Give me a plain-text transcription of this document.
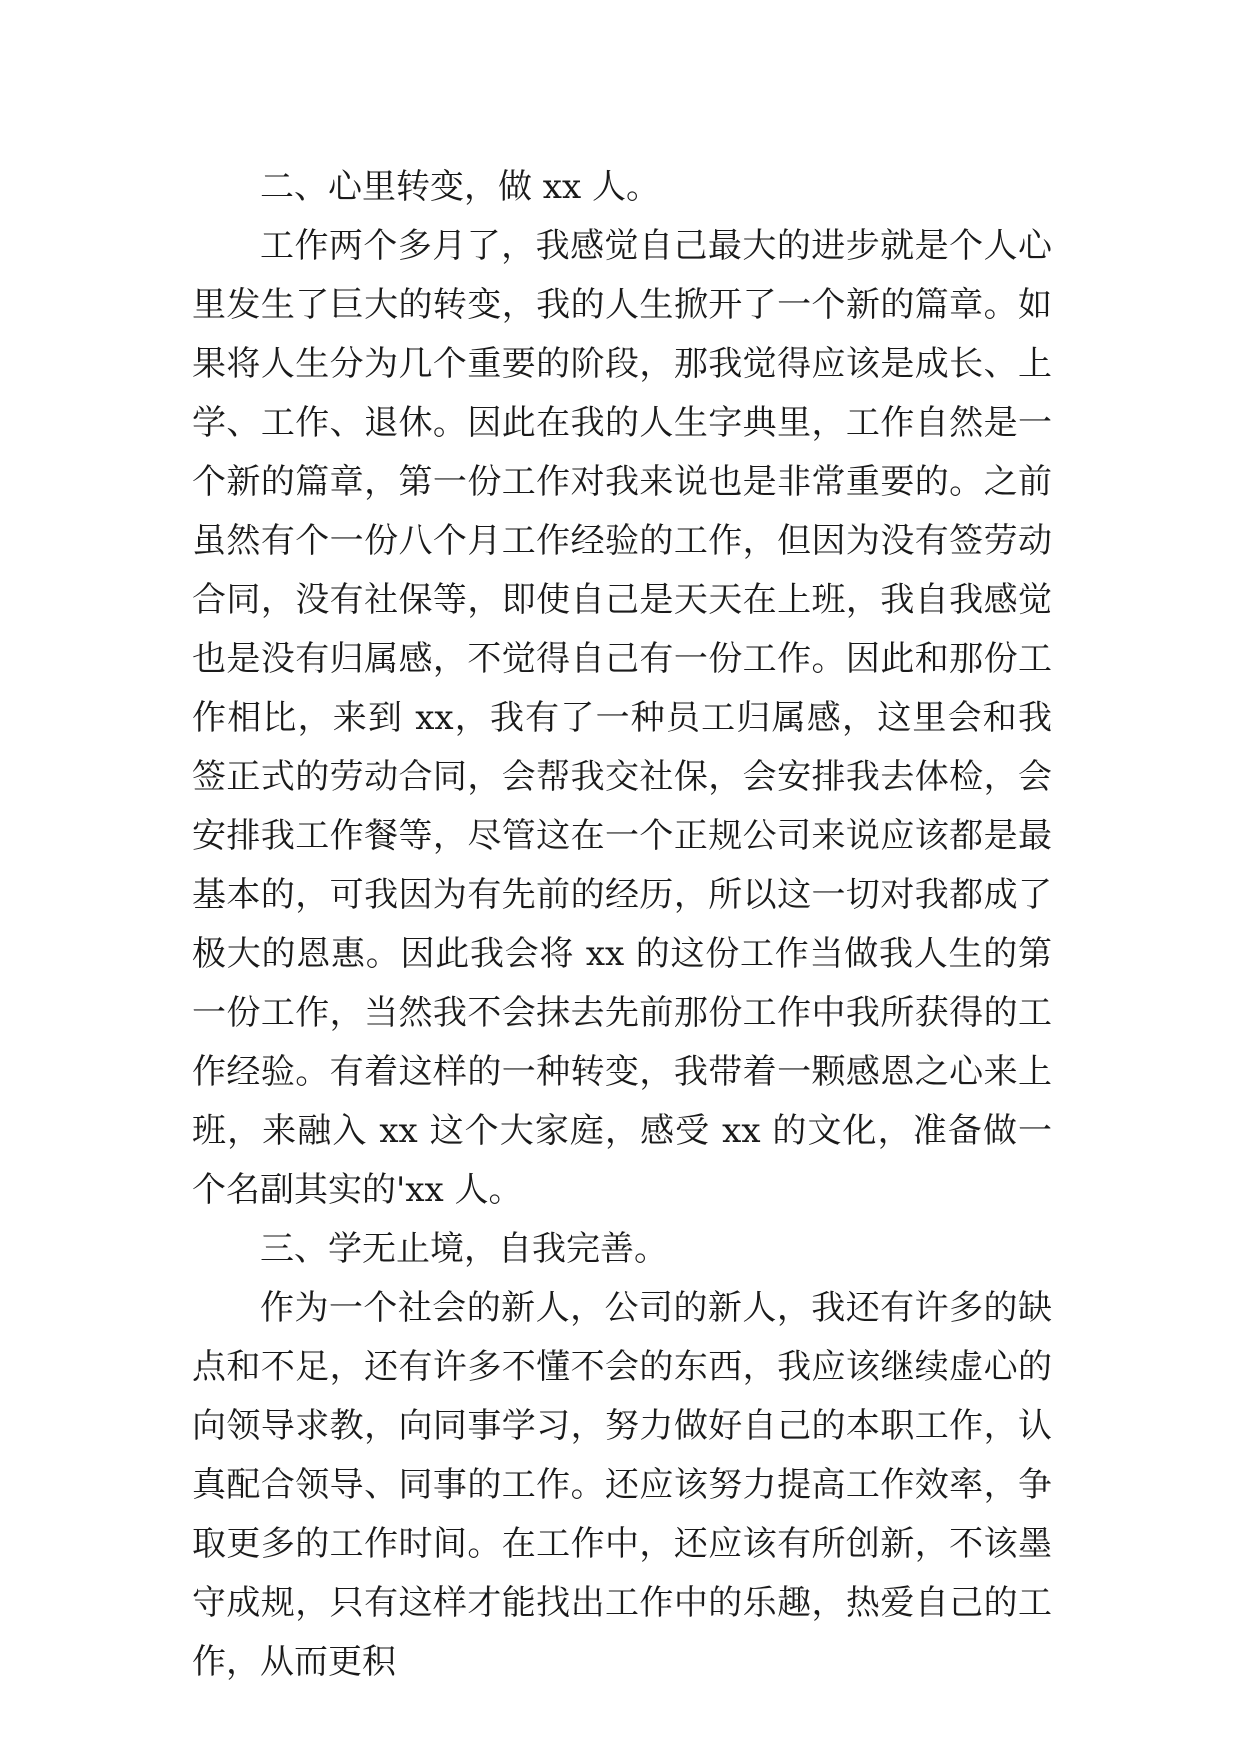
二、心里转变，做 xx 人。

工作两个多月了，我感觉自己最大的进步就是个人心里发生了巨大的转变，我的人生掀开了一个新的篇章。如果将人生分为几个重要的阶段，那我觉得应该是成长、上学、工作、退休。因此在我的人生字典里，工作自然是一个新的篇章，第一份工作对我来说也是非常重要的。之前虽然有个一份八个月工作经验的工作，但因为没有签劳动合同，没有社保等，即使自己是天天在上班，我自我感觉也是没有归属感，不觉得自己有一份工作。因此和那份工作相比，来到 xx，我有了一种员工归属感，这里会和我签正式的劳动合同，会帮我交社保，会安排我去体检，会安排我工作餐等，尽管这在一个正规公司来说应该都是最基本的，可我因为有先前的经历，所以这一切对我都成了极大的恩惠。因此我会将 xx 的这份工作当做我人生的第一份工作，当然我不会抹去先前那份工作中我所获得的工作经验。有着这样的一种转变，我带着一颗感恩之心来上班，来融入 xx 这个大家庭，感受 xx 的文化，准备做一个名副其实的'xx 人。

三、学无止境，自我完善。

作为一个社会的新人，公司的新人，我还有许多的缺点和不足，还有许多不懂不会的东西，我应该继续虚心的向领导求教，向同事学习，努力做好自己的本职工作，认真配合领导、同事的工作。还应该努力提高工作效率，争取更多的工作时间。在工作中，还应该有所创新，不该墨守成规，只有这样才能找出工作中的乐趣，热爱自己的工作，从而更积
